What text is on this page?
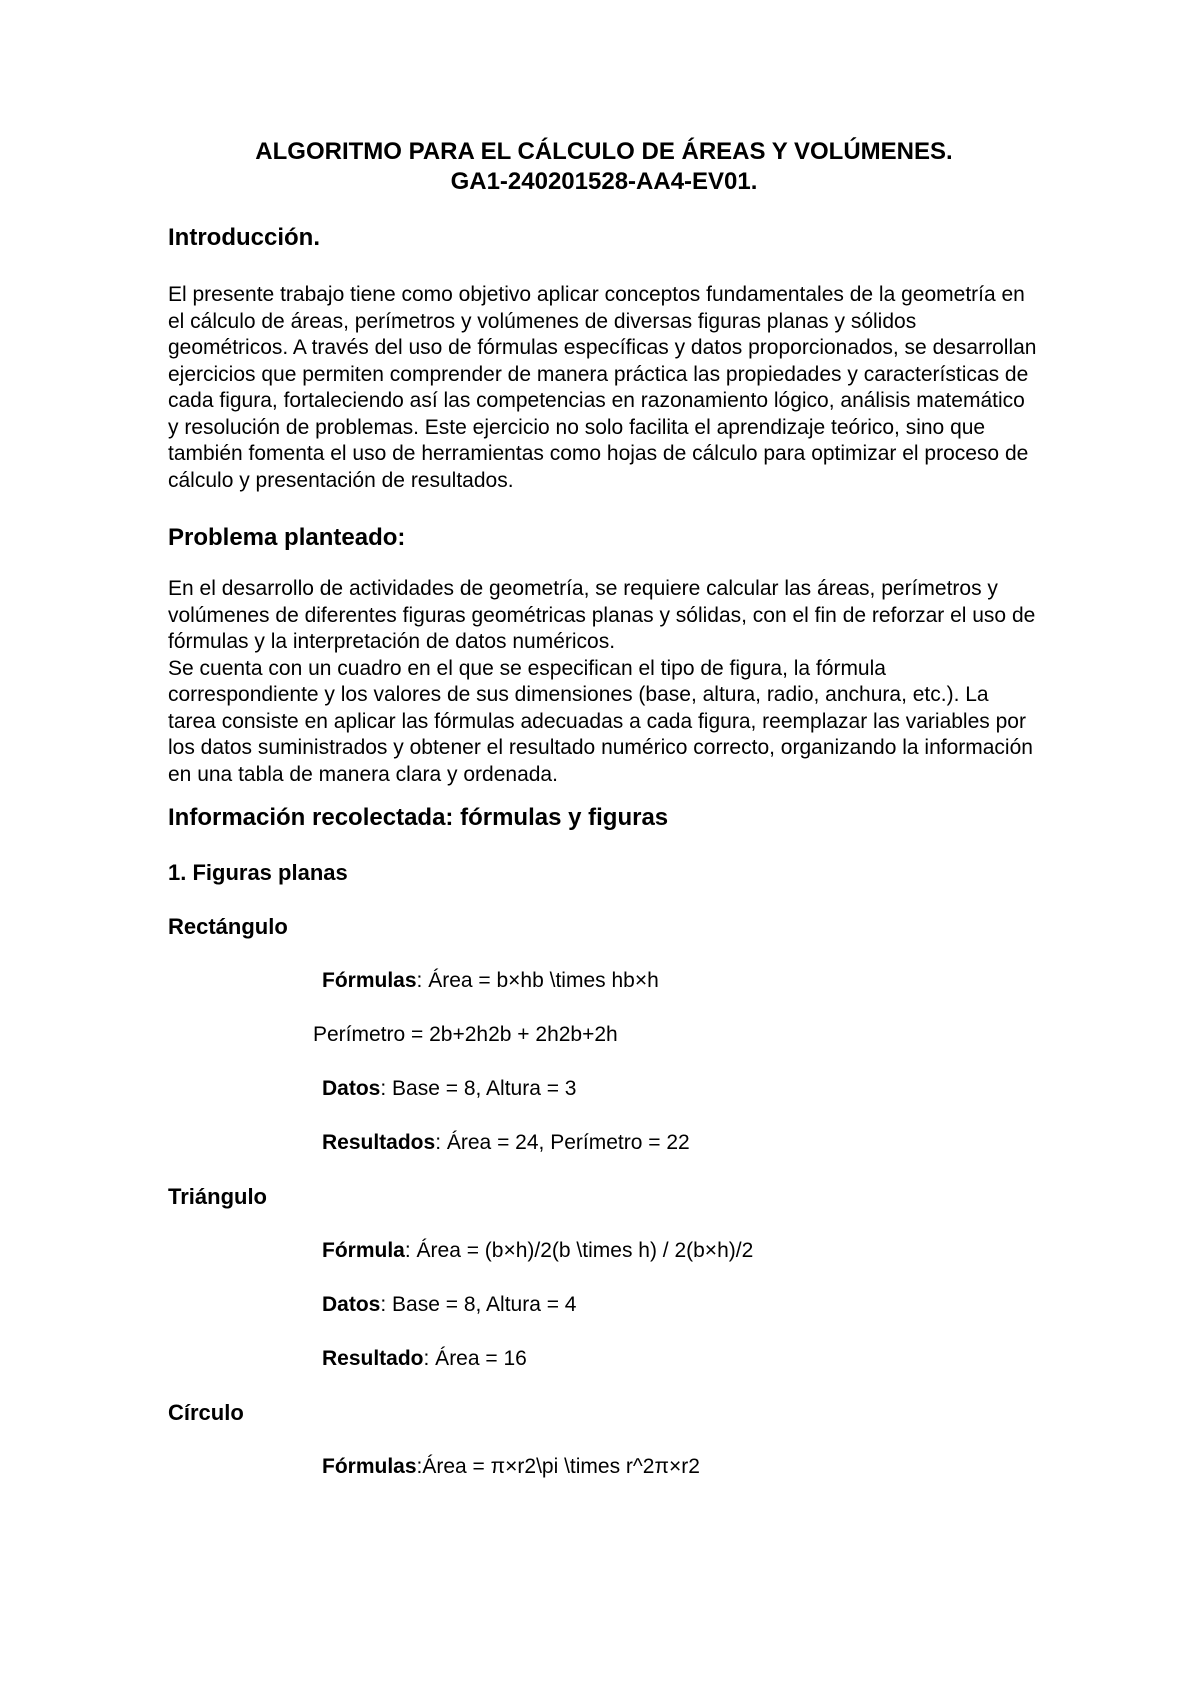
ALGORITMO PARA EL CÁLCULO DE ÁREAS Y VOLÚMENES.
GA1-240201528-AA4-EV01.
Introducción.

El presente trabajo tiene como objetivo aplicar conceptos fundamentales de la geometría en el cálculo de áreas, perímetros y volúmenes de diversas figuras planas y sólidos geométricos. A través del uso de fórmulas específicas y datos proporcionados, se desarrollan ejercicios que permiten comprender de manera práctica las propiedades y características de cada figura, fortaleciendo así las competencias en razonamiento lógico, análisis matemático y resolución de problemas. Este ejercicio no solo facilita el aprendizaje teórico, sino que también fomenta el uso de herramientas como hojas de cálculo para optimizar el proceso de cálculo y presentación de resultados.

Problema planteado:

En el desarrollo de actividades de geometría, se requiere calcular las áreas, perímetros y volúmenes de diferentes figuras geométricas planas y sólidas, con el fin de reforzar el uso de fórmulas y la interpretación de datos numéricos.
Se cuenta con un cuadro en el que se especifican el tipo de figura, la fórmula correspondiente y los valores de sus dimensiones (base, altura, radio, anchura, etc.). La tarea consiste en aplicar las fórmulas adecuadas a cada figura, reemplazar las variables por los datos suministrados y obtener el resultado numérico correcto, organizando la información en una tabla de manera clara y ordenada.

Información recolectada: fórmulas y figuras
1. Figuras planas
Rectángulo

Fórmulas: Área = b×hb \times hb×h

Perímetro = 2b+2h2b + 2h2b+2h

Datos: Base = 8, Altura = 3

Resultados: Área = 24, Perímetro = 22

Triángulo

Fórmula: Área = (b×h)/2(b \times h) / 2(b×h)/2

Datos: Base = 8, Altura = 4

Resultado: Área = 16

Círculo

Fórmulas:Área = π×r2\pi \times r^2π×r2
